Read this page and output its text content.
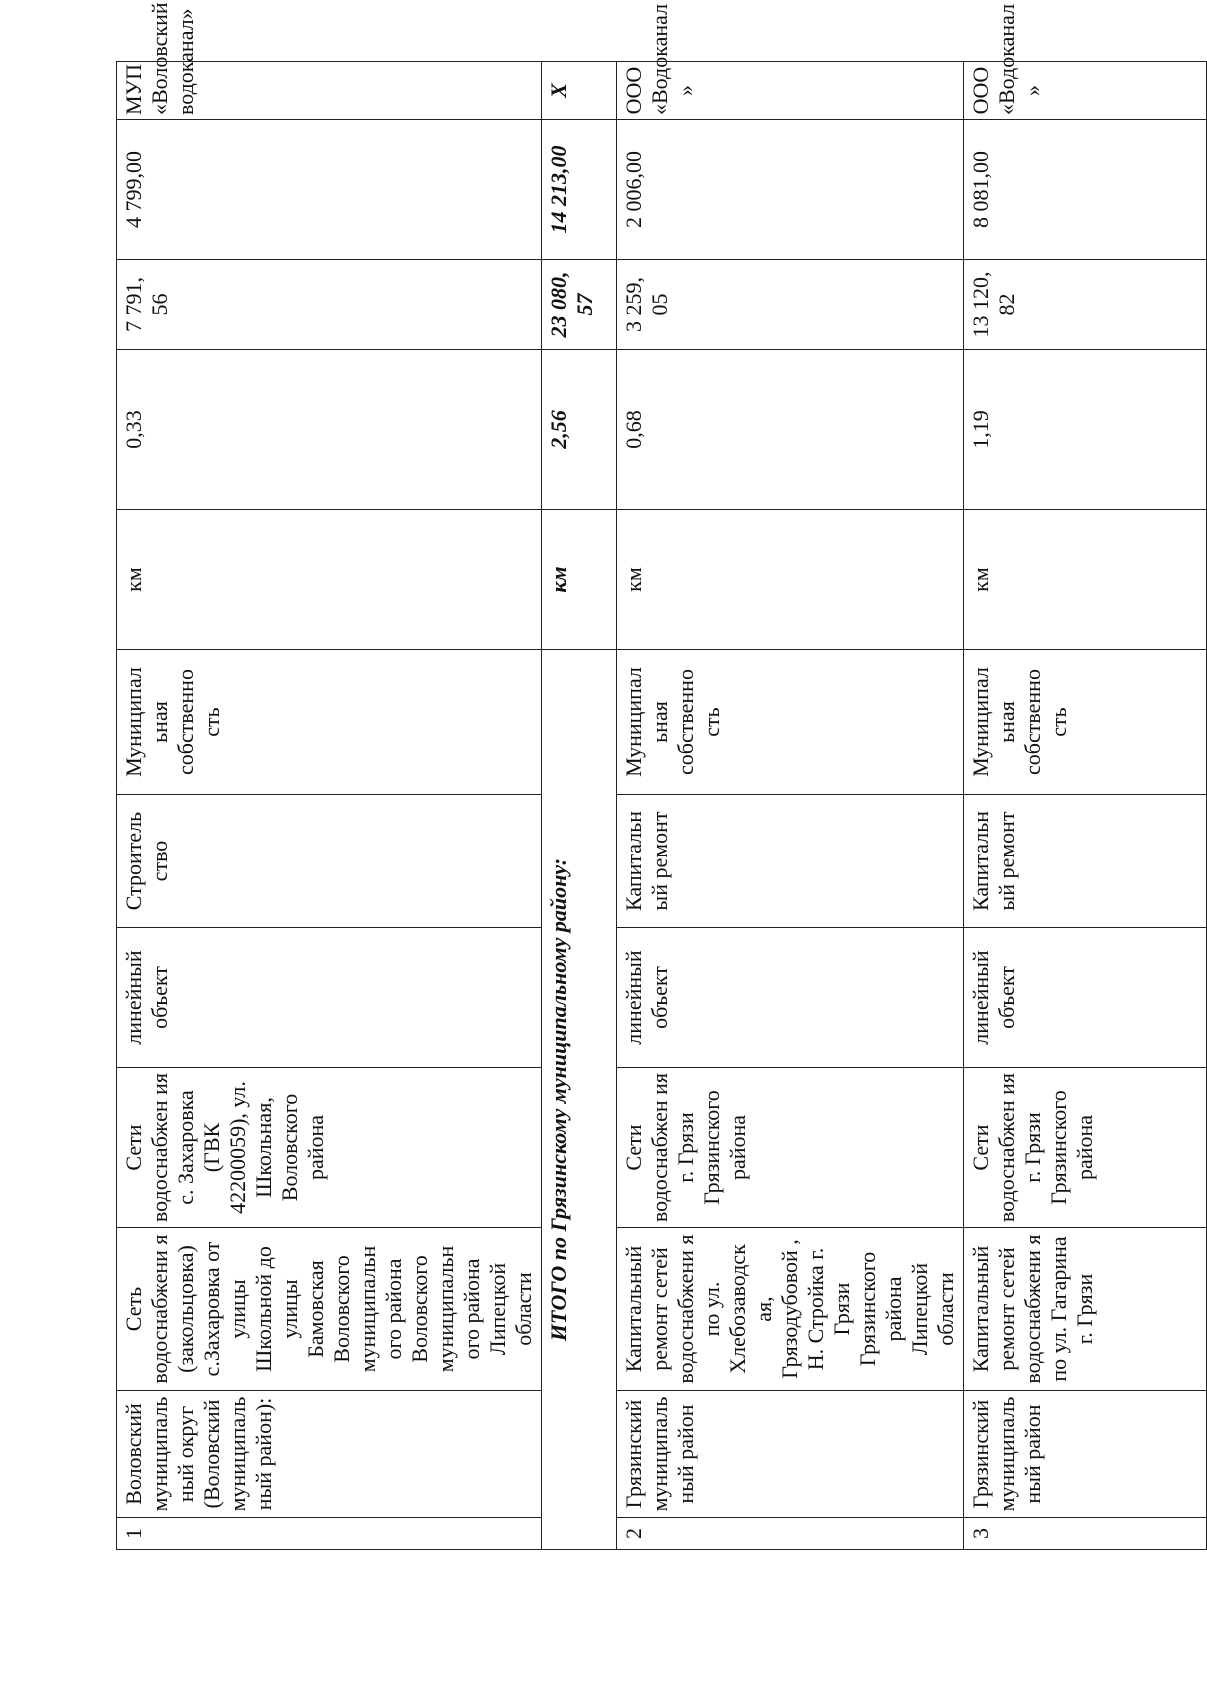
1	Воловский муниципаль ный округ (Воловский муниципаль ный район):	Сеть водоснабжени я (закольцовка) с.Захаровка от улицы Школьной до улицы Бамовская Воловского муниципальн ого района Воловского муниципальн ого района Липецкой области	Сети водоснабжен ия с. Захаровка (ГВК 42200059), ул. Школьная, Воловского района	линейный объект	Строитель ство	Муниципал ьная собственно сть	км	0,33	7 791, 56	4 799,00	МУП «Воловский водоканал»
ИТОГО по Грязинскому муниципальному району:							км	2,56	23 080, 57	14 213,00	X
2	Грязинский муниципаль ный район	Капитальный ремонт сетей водоснабжени я по ул. Хлебозаводск ая, Грязодубовой , Н. Стройка г. Грязи Грязинского района Липецкой области	Сети водоснабжен ия г. Грязи Грязинского района	линейный объект	Капитальн ый ремонт	Муниципал ьная собственно сть	км	0,68	3 259, 05	2 006,00	ООО «Водоканал »
3	Грязинский муниципаль ный район	Капитальный ремонт сетей водоснабжени я по ул. Гагарина г. Грязи	Сети водоснабжен ия г. Грязи Грязинского района	линейный объект	Капитальн ый ремонт	Муниципал ьная собственно сть	км	1,19	13 120, 82	8 081,00	ООО «Водоканал »
